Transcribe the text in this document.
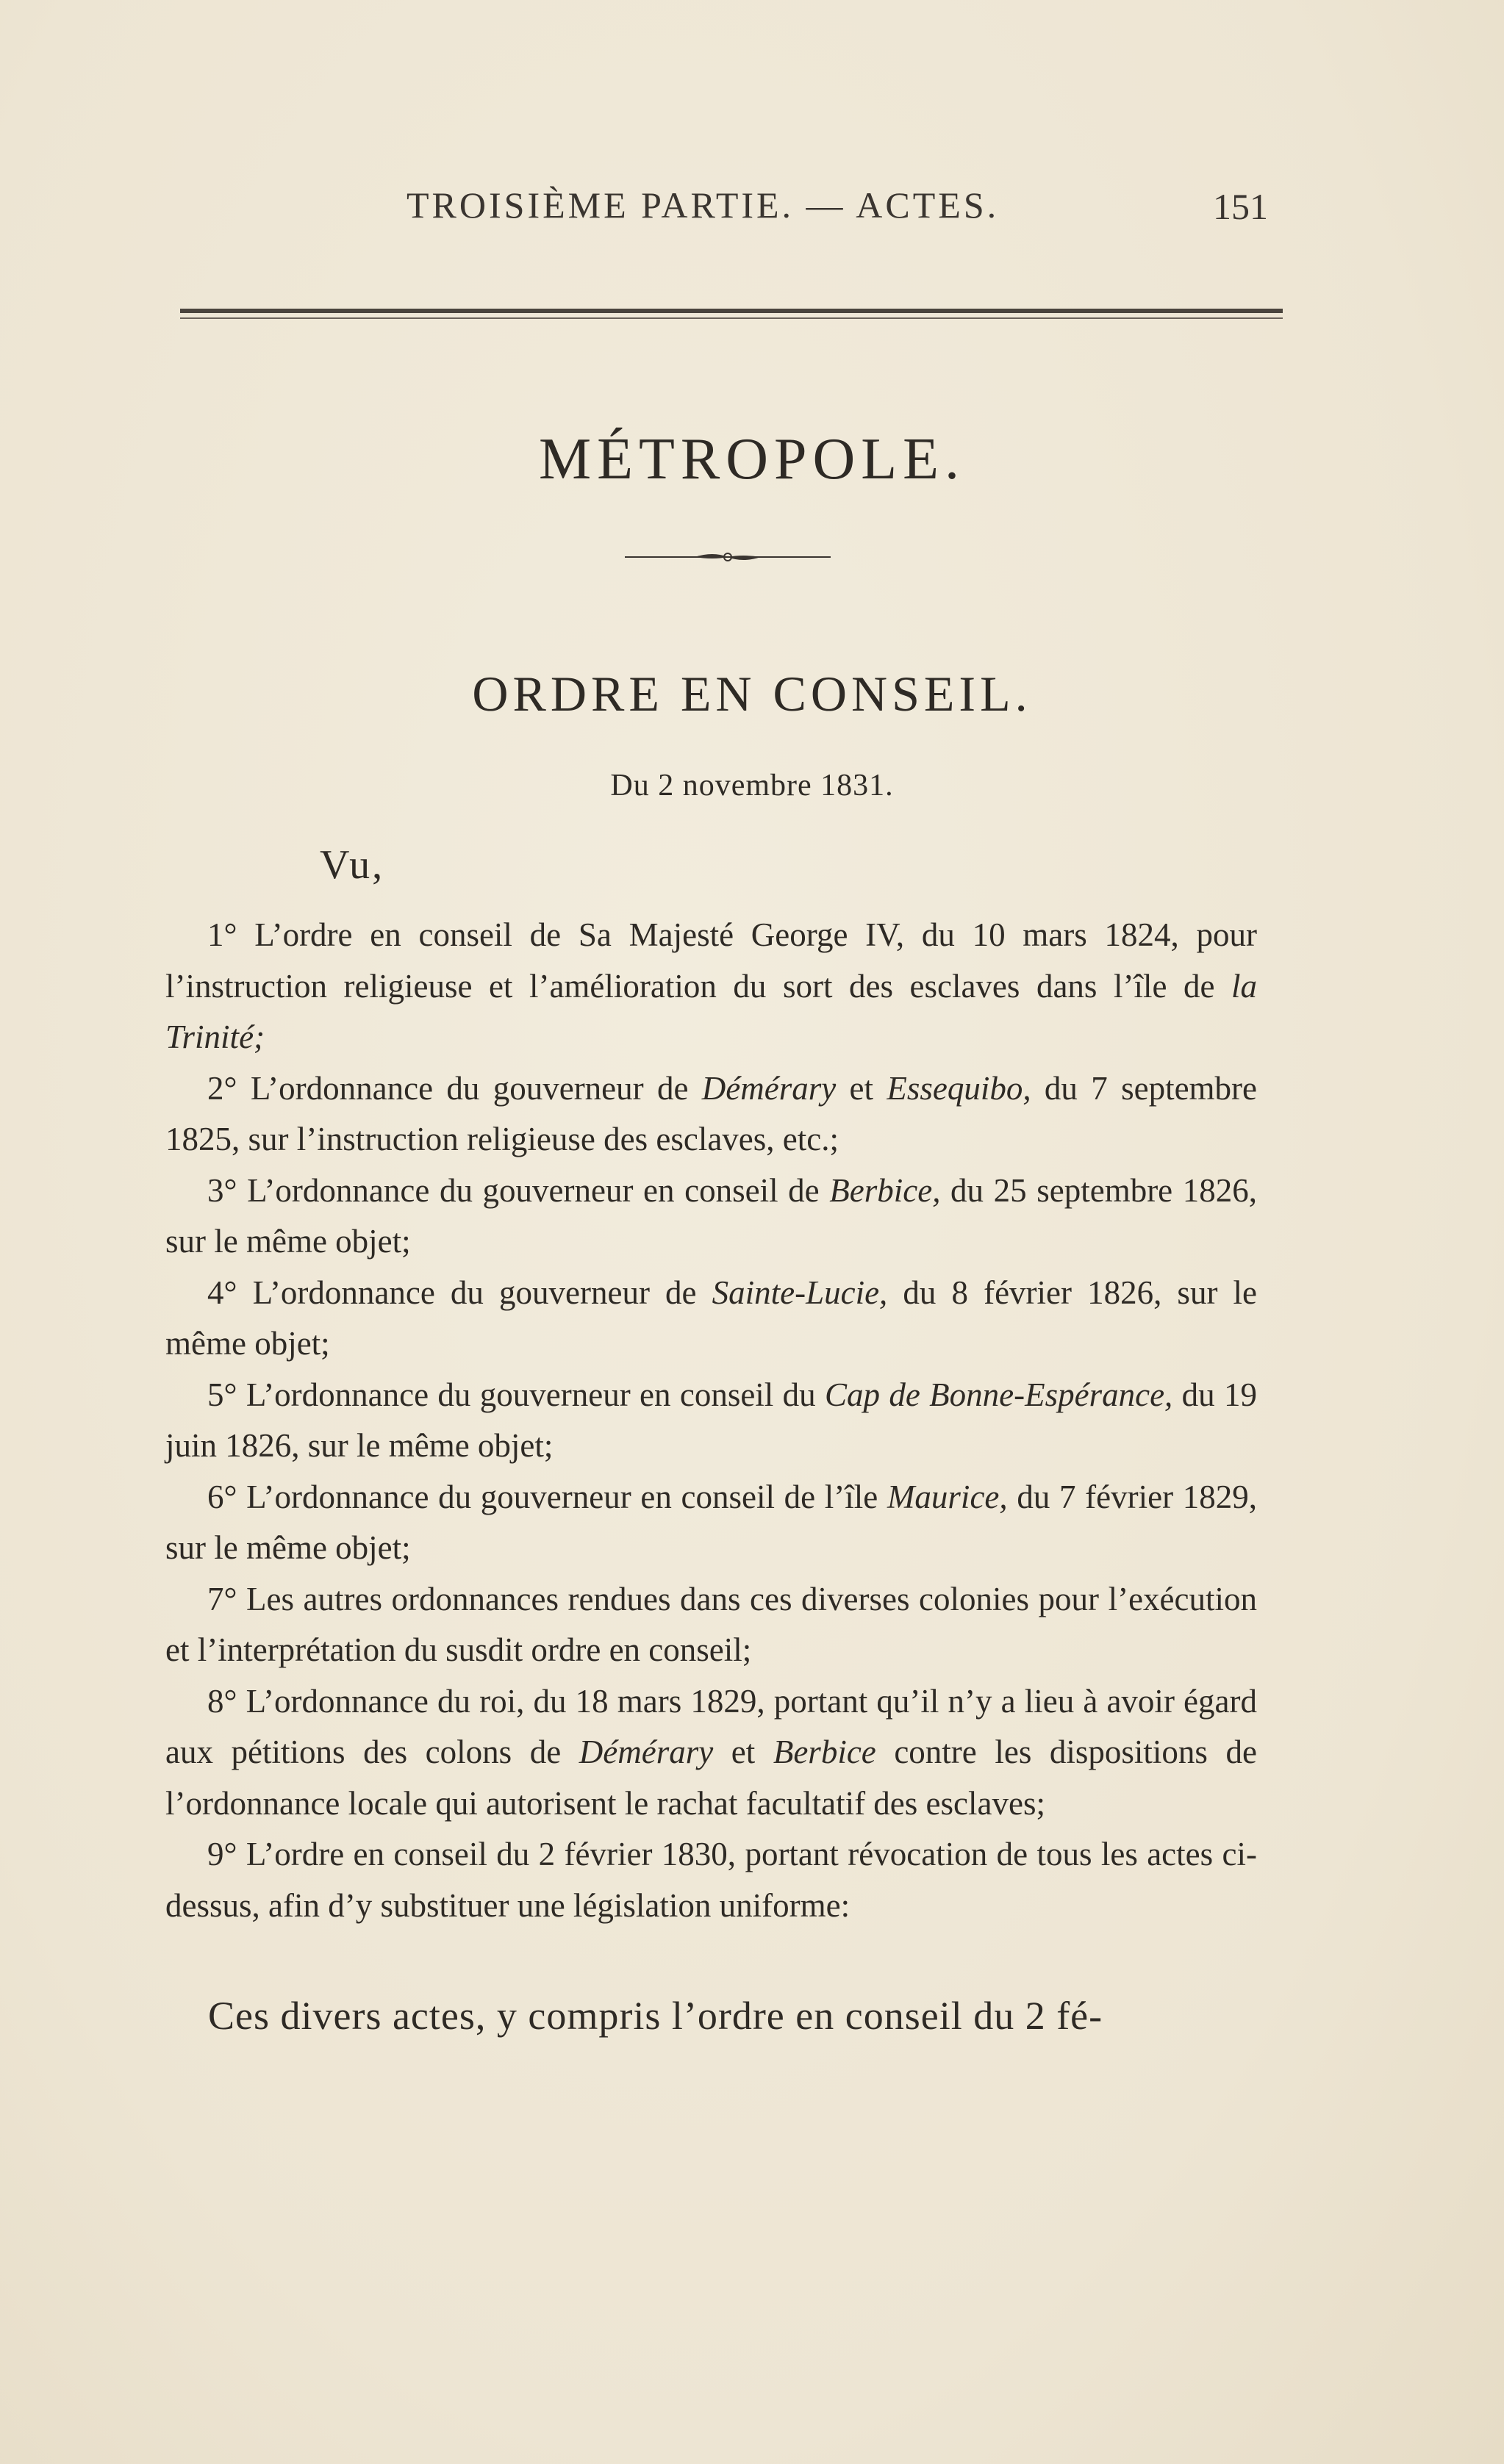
TROISIÈME PARTIE. — ACTES.	151
MÉTROPOLE.
ORDRE EN CONSEIL.
Du 2 novembre 1831.
Vu,

1° L’ordre en conseil de Sa Majesté George IV, du 10 mars 1824, pour l’instruction religieuse et l’amélioration du sort des esclaves dans l’île de la Trinité;

2° L’ordonnance du gouverneur de Démérary et Essequibo, du 7 septembre 1825, sur l’instruction religieuse des esclaves, etc.;

3° L’ordonnance du gouverneur en conseil de Berbice, du 25 septembre 1826, sur le même objet;

4° L’ordonnance du gouverneur de Sainte-Lucie, du 8 février 1826, sur le même objet;

5° L’ordonnance du gouverneur en conseil du Cap de Bonne-Espérance, du 19 juin 1826, sur le même objet;

6° L’ordonnance du gouverneur en conseil de l’île Maurice, du 7 février 1829, sur le même objet;

7° Les autres ordonnances rendues dans ces diverses colonies pour l’exécution et l’interprétation du susdit ordre en conseil;

8° L’ordonnance du roi, du 18 mars 1829, portant qu’il n’y a lieu à avoir égard aux pétitions des colons de Démérary et Berbice contre les dispositions de l’ordonnance locale qui autorisent le rachat facultatif des esclaves;

9° L’ordre en conseil du 2 février 1830, portant révocation de tous les actes ci-dessus, afin d’y substituer une législation uniforme:

Ces divers actes, y compris l’ordre en conseil du 2 fé-
